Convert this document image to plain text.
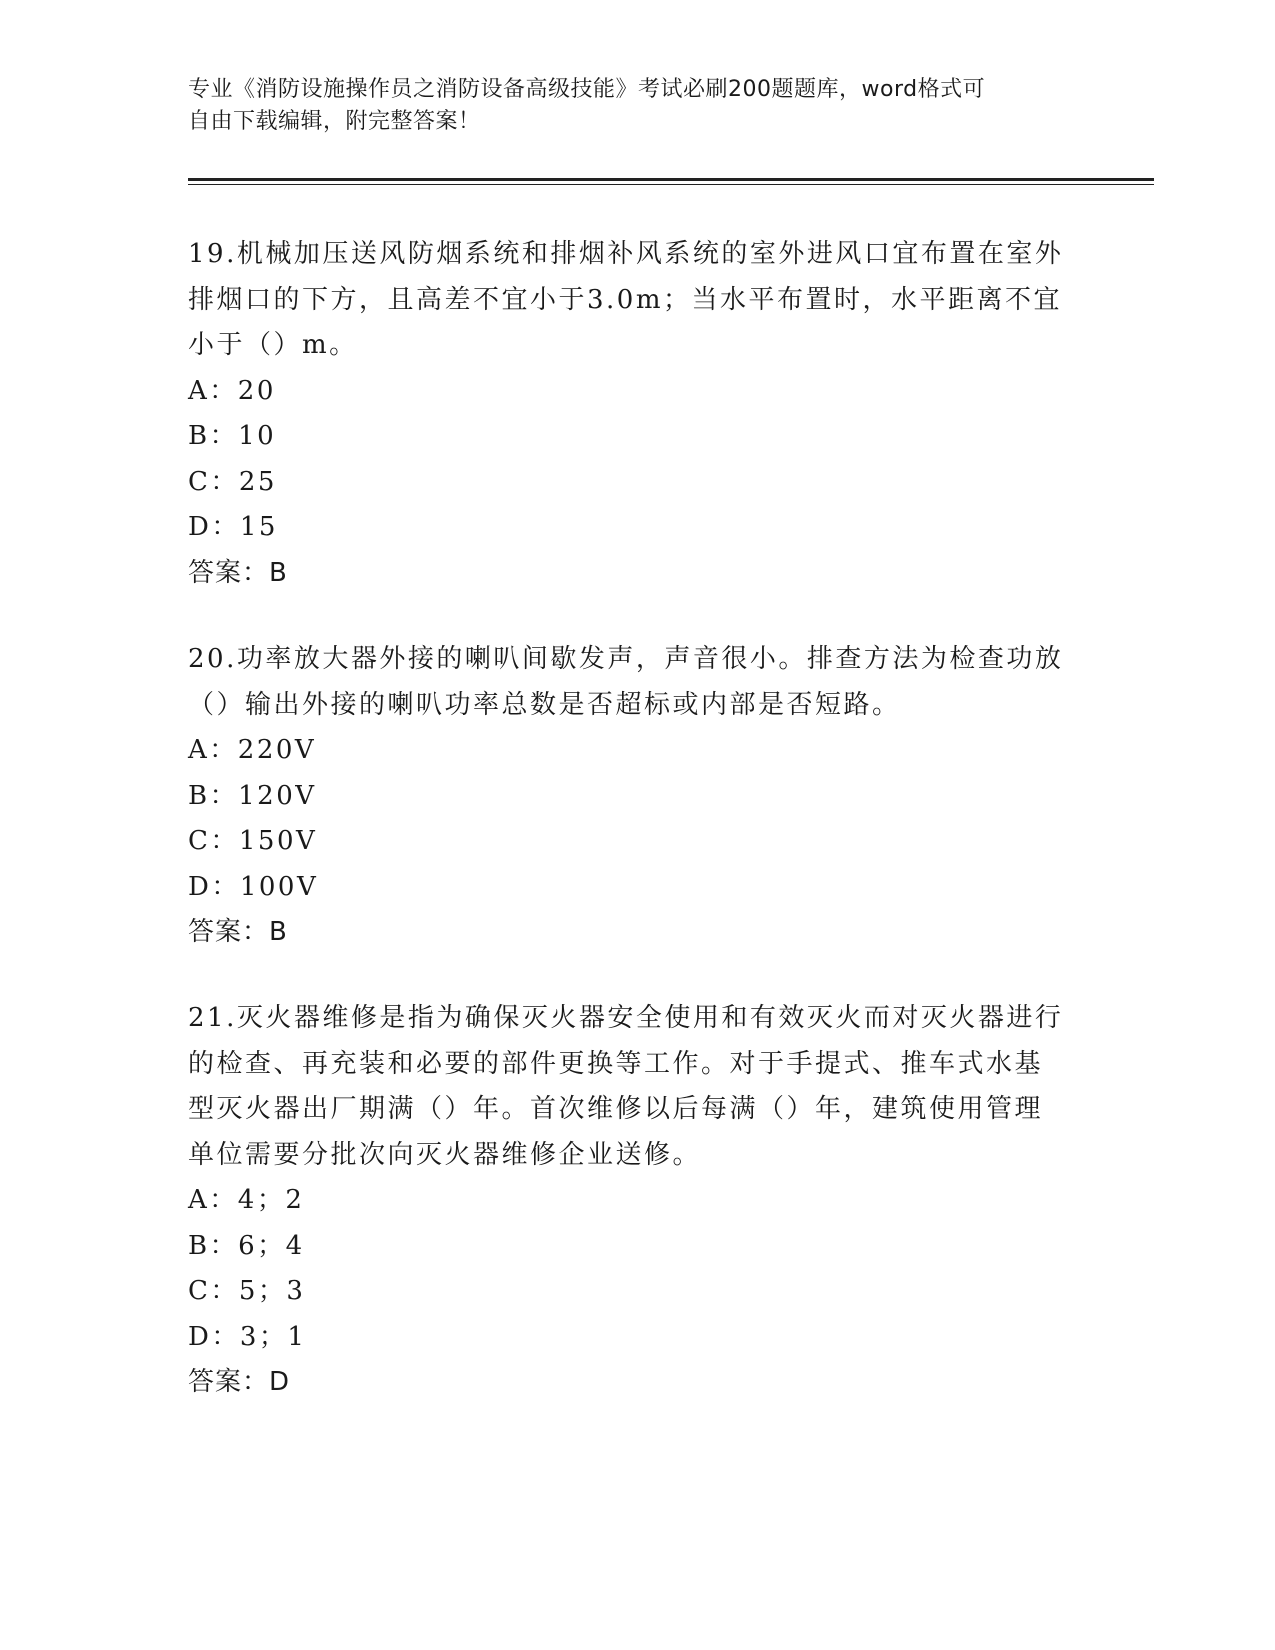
专业《消防设施操作员之消防设备高级技能》考试必刷200题题库，word格式可
自由下载编辑，附完整答案！
19.机械加压送风防烟系统和排烟补风系统的室外进风口宜布置在室外
排烟口的下方，且高差不宜小于3.0m；当水平布置时，水平距离不宜
小于（）m。
A：20
B：10
C：25
D：15
答案：B
20.功率放大器外接的喇叭间歇发声，声音很小。排查方法为检查功放
（）输出外接的喇叭功率总数是否超标或内部是否短路。
A：220V
B：120V
C：150V
D：100V
答案：B
21.灭火器维修是指为确保灭火器安全使用和有效灭火而对灭火器进行
的检查、再充装和必要的部件更换等工作。对于手提式、推车式水基
型灭火器出厂期满（）年。首次维修以后每满（）年，建筑使用管理
单位需要分批次向灭火器维修企业送修。
A：4；2
B：6；4
C：5；3
D：3；1
答案：D
